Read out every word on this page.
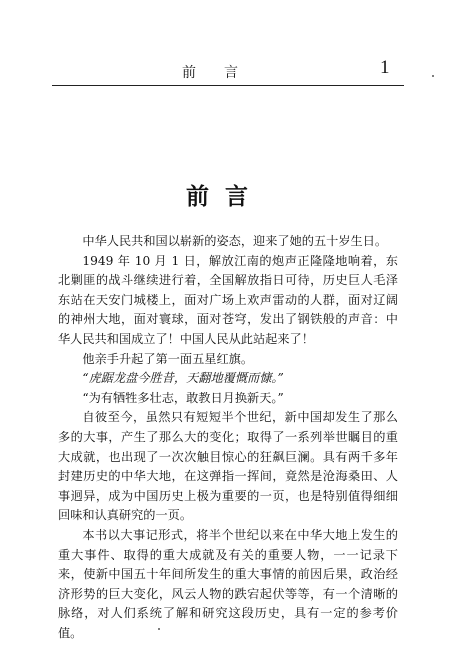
前　　言	1
前言

中华人民共和国以崭新的姿态，迎来了她的五十岁生日。

1949 年 10 月 1 日，解放江南的炮声正隆隆地响着，东北剿匪的战斗继续进行着，全国解放指日可待，历史巨人毛泽东站在天安门城楼上，面对广场上欢声雷动的人群，面对辽阔的神州大地，面对寰球，面对苍穹，发出了钢铁般的声音：中华人民共和国成立了！中国人民从此站起来了！

他亲手升起了第一面五星红旗。

“虎踞龙盘今胜昔，天翻地覆慨而慷。”

“为有牺牲多壮志，敢教日月换新天。”

自彼至今，虽然只有短短半个世纪，新中国却发生了那么多的大事，产生了那么大的变化；取得了一系列举世瞩目的重大成就，也出现了一次次触目惊心的狂飙巨澜。具有两千多年封建历史的中华大地，在这弹指一挥间，竟然是沧海桑田、人事迥异，成为中国历史上极为重要的一页，也是特别值得细细回味和认真研究的一页。

本书以大事记形式，将半个世纪以来在中华大地上发生的重大事件、取得的重大成就及有关的重要人物，一一记录下来，使新中国五十年间所发生的重大事情的前因后果，政治经济形势的巨大变化，风云人物的跌宕起伏等等，有一个清晰的脉络，对人们系统了解和研究这段历史，具有一定的参考价值。
